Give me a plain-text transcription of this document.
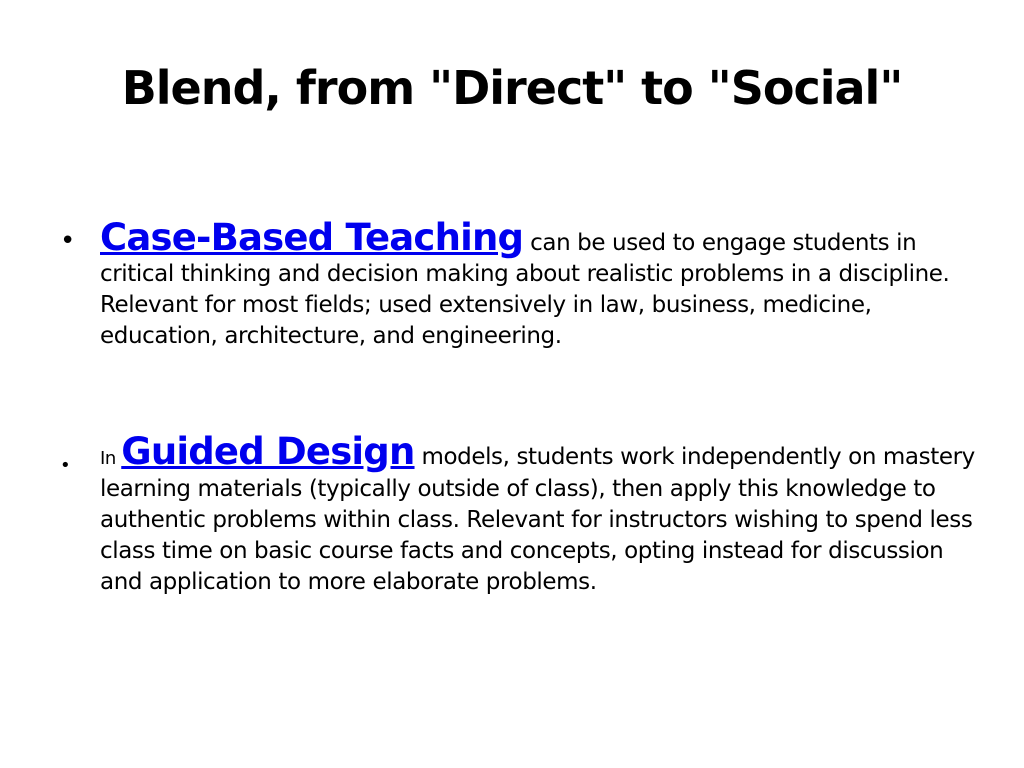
Blend, from "Direct" to "Social"
• Case-Based Teaching can be used to engage students in critical thinking and decision making about realistic problems in a discipline. Relevant for most fields; used extensively in law, business, medicine, education, architecture, and engineering.
• In Guided Design models, students work independently on mastery learning materials (typically outside of class), then apply this knowledge to authentic problems within class. Relevant for instructors wishing to spend less class time on basic course facts and concepts, opting instead for discussion and application to more elaborate problems.
